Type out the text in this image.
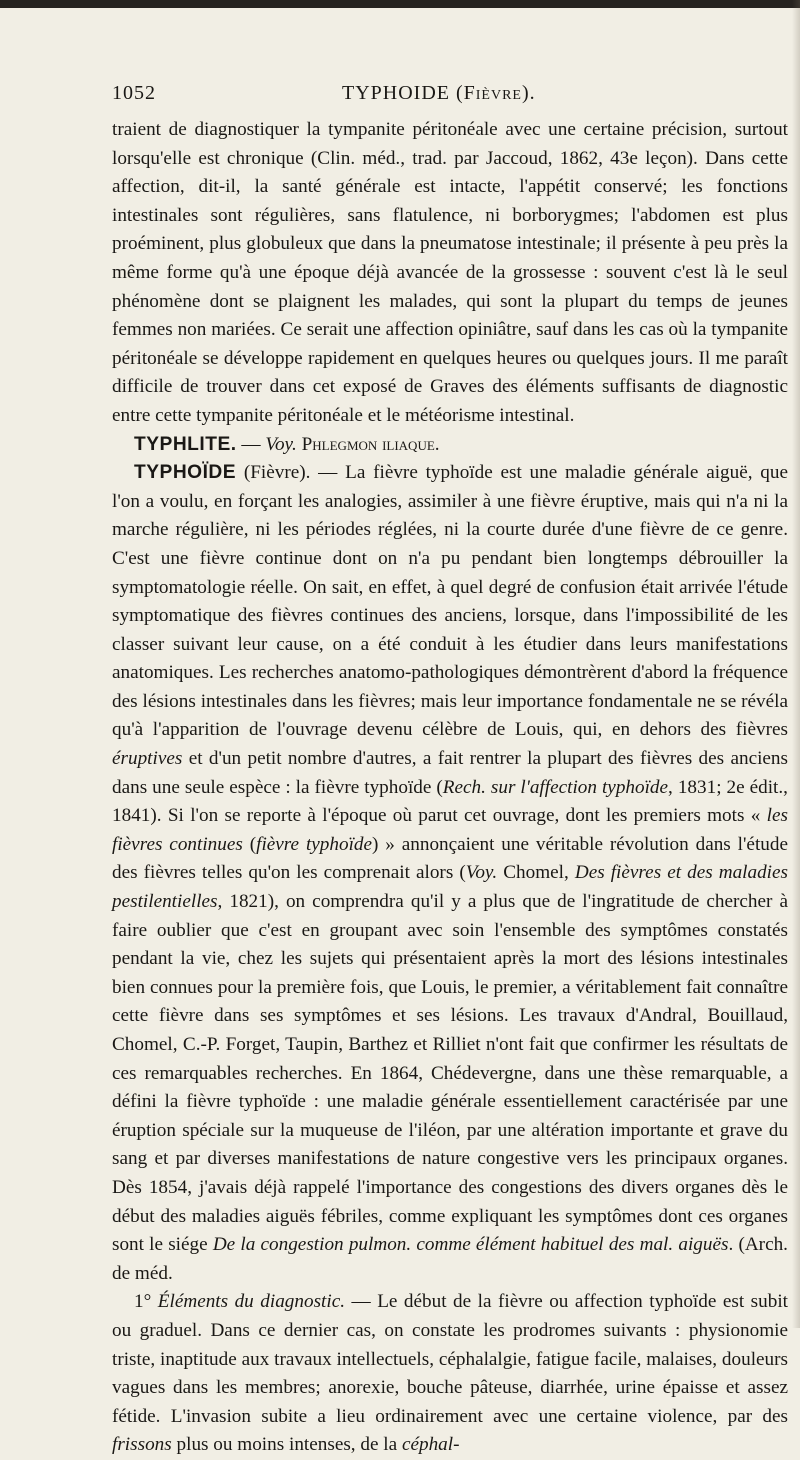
1052	TYPHOIDE (Fièvre).

traient de diagnostiquer la tympanite péritonéale avec une certaine précision, surtout lorsqu'elle est chronique (Clin. méd., trad. par Jaccoud, 1862, 43e leçon). Dans cette affection, dit-il, la santé générale est intacte, l'appétit conservé; les fonctions intestinales sont régulières, sans flatulence, ni borborygmes; l'abdomen est plus proéminent, plus globuleux que dans la pneumatose intestinale; il présente à peu près la même forme qu'à une époque déjà avancée de la grossesse : souvent c'est là le seul phénomène dont se plaignent les malades, qui sont la plupart du temps de jeunes femmes non mariées. Ce serait une affection opiniâtre, sauf dans les cas où la tympanite péritonéale se développe rapidement en quelques heures ou quelques jours. Il me paraît difficile de trouver dans cet exposé de Graves des éléments suffisants de diagnostic entre cette tympanite péritonéale et le météorisme intestinal.

TYPHLITE. — Voy. Phlegmon iliaque.

TYPHOÏDE (Fièvre). — La fièvre typhoïde est une maladie générale aiguë, que l'on a voulu, en forçant les analogies, assimiler à une fièvre éruptive, mais qui n'a ni la marche régulière, ni les périodes réglées, ni la courte durée d'une fièvre de ce genre. C'est une fièvre continue dont on n'a pu pendant bien longtemps débrouiller la symptomatologie réelle. On sait, en effet, à quel degré de confusion était arrivée l'étude symptomatique des fièvres continues des anciens, lorsque, dans l'impossibilité de les classer suivant leur cause, on a été conduit à les étudier dans leurs manifestations anatomiques. Les recherches anatomo-pathologiques démontrèrent d'abord la fréquence des lésions intestinales dans les fièvres; mais leur importance fondamentale ne se révéla qu'à l'apparition de l'ouvrage devenu célèbre de Louis, qui, en dehors des fièvres éruptives et d'un petit nombre d'autres, a fait rentrer la plupart des fièvres des anciens dans une seule espèce : la fièvre typhoïde (Rech. sur l'affection typhoïde, 1831; 2e édit., 1841). Si l'on se reporte à l'époque où parut cet ouvrage, dont les premiers mots « les fièvres continues (fièvre typhoïde) » annonçaient une véritable révolution dans l'étude des fièvres telles qu'on les comprenait alors (Voy. Chomel, Des fièvres et des maladies pestilentielles, 1821), on comprendra qu'il y a plus que de l'ingratitude de chercher à faire oublier que c'est en groupant avec soin l'ensemble des symptômes constatés pendant la vie, chez les sujets qui présentaient après la mort des lésions intestinales bien connues pour la première fois, que Louis, le premier, a véritablement fait connaître cette fièvre dans ses symptômes et ses lésions. Les travaux d'Andral, Bouillaud, Chomel, C.-P. Forget, Taupin, Barthez et Rilliet n'ont fait que confirmer les résultats de ces remarquables recherches. En 1864, Chédevergne, dans une thèse remarquable, a défini la fièvre typhoïde : une maladie générale essentiellement caractérisée par une éruption spéciale sur la muqueuse de l'iléon, par une altération importante et grave du sang et par diverses manifestations de nature congestive vers les principaux organes. Dès 1854, j'avais déjà rappelé l'importance des congestions des divers organes dès le début des maladies aiguës fébriles, comme expliquant les symptômes dont ces organes sont le siége De la congestion pulmon. comme élément habituel des mal. aiguës. (Arch. de méd.

1° Éléments du diagnostic. — Le début de la fièvre ou affection typhoïde est subit ou graduel. Dans ce dernier cas, on constate les prodromes suivants : physionomie triste, inaptitude aux travaux intellectuels, céphalalgie, fatigue facile, malaises, douleurs vagues dans les membres; anorexie, bouche pâteuse, diarrhée, urine épaisse et assez fétide. L'invasion subite a lieu ordinairement avec une certaine violence, par des frissons plus ou moins intenses, de la céphal-
